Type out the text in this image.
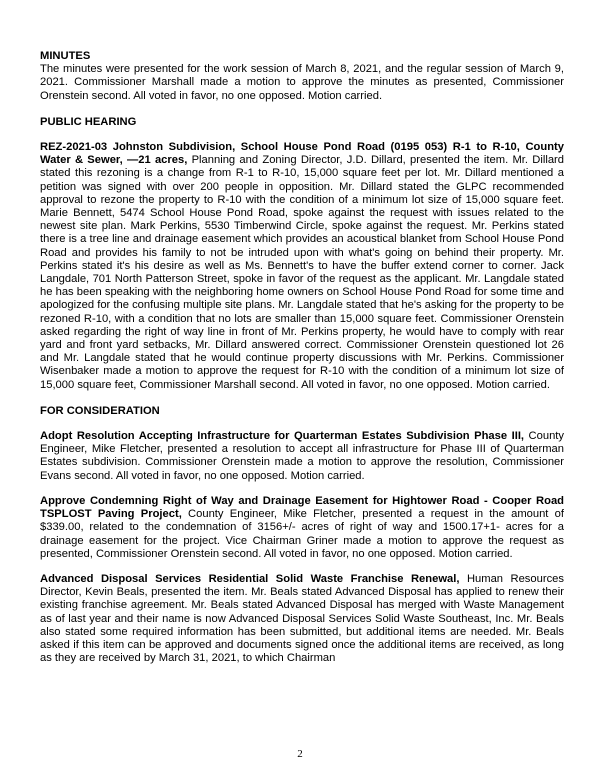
MINUTES

The minutes were presented for the work session of March 8, 2021, and the regular session of March 9, 2021. Commissioner Marshall made a motion to approve the minutes as presented, Commissioner Orenstein second. All voted in favor, no one opposed. Motion carried.

PUBLIC HEARING

REZ-2021-03 Johnston Subdivision, School House Pond Road (0195 053) R-1 to R-10, County Water & Sewer, —21 acres, Planning and Zoning Director, J.D. Dillard, presented the item. Mr. Dillard stated this rezoning is a change from R-1 to R-10, 15,000 square feet per lot. Mr. Dillard mentioned a petition was signed with over 200 people in opposition. Mr. Dillard stated the GLPC recommended approval to rezone the property to R-10 with the condition of a minimum lot size of 15,000 square feet. Marie Bennett, 5474 School House Pond Road, spoke against the request with issues related to the newest site plan. Mark Perkins, 5530 Timberwind Circle, spoke against the request. Mr. Perkins stated there is a tree line and drainage easement which provides an acoustical blanket from School House Pond Road and provides his family to not be intruded upon with what's going on behind their property. Mr. Perkins stated it's his desire as well as Ms. Bennett's to have the buffer extend corner to corner. Jack Langdale, 701 North Patterson Street, spoke in favor of the request as the applicant. Mr. Langdale stated he has been speaking with the neighboring home owners on School House Pond Road for some time and apologized for the confusing multiple site plans. Mr. Langdale stated that he's asking for the property to be rezoned R-10, with a condition that no lots are smaller than 15,000 square feet. Commissioner Orenstein asked regarding the right of way line in front of Mr. Perkins property, he would have to comply with rear yard and front yard setbacks, Mr. Dillard answered correct. Commissioner Orenstein questioned lot 26 and Mr. Langdale stated that he would continue property discussions with Mr. Perkins. Commissioner Wisenbaker made a motion to approve the request for R-10 with the condition of a minimum lot size of 15,000 square feet, Commissioner Marshall second. All voted in favor, no one opposed. Motion carried.

FOR CONSIDERATION

Adopt Resolution Accepting Infrastructure for Quarterman Estates Subdivision Phase III, County Engineer, Mike Fletcher, presented a resolution to accept all infrastructure for Phase III of Quarterman Estates subdivision. Commissioner Orenstein made a motion to approve the resolution, Commissioner Evans second. All voted in favor, no one opposed. Motion carried.

Approve Condemning Right of Way and Drainage Easement for Hightower Road - Cooper Road TSPLOST Paving Project, County Engineer, Mike Fletcher, presented a request in the amount of $339.00, related to the condemnation of 3156+/- acres of right of way and 1500.17+1- acres for a drainage easement for the project. Vice Chairman Griner made a motion to approve the request as presented, Commissioner Orenstein second. All voted in favor, no one opposed. Motion carried.

Advanced Disposal Services Residential Solid Waste Franchise Renewal, Human Resources Director, Kevin Beals, presented the item. Mr. Beals stated Advanced Disposal has applied to renew their existing franchise agreement. Mr. Beals stated Advanced Disposal has merged with Waste Management as of last year and their name is now Advanced Disposal Services Solid Waste Southeast, Inc. Mr. Beals also stated some required information has been submitted, but additional items are needed. Mr. Beals asked if this item can be approved and documents signed once the additional items are received, as long as they are received by March 31, 2021, to which Chairman

2
